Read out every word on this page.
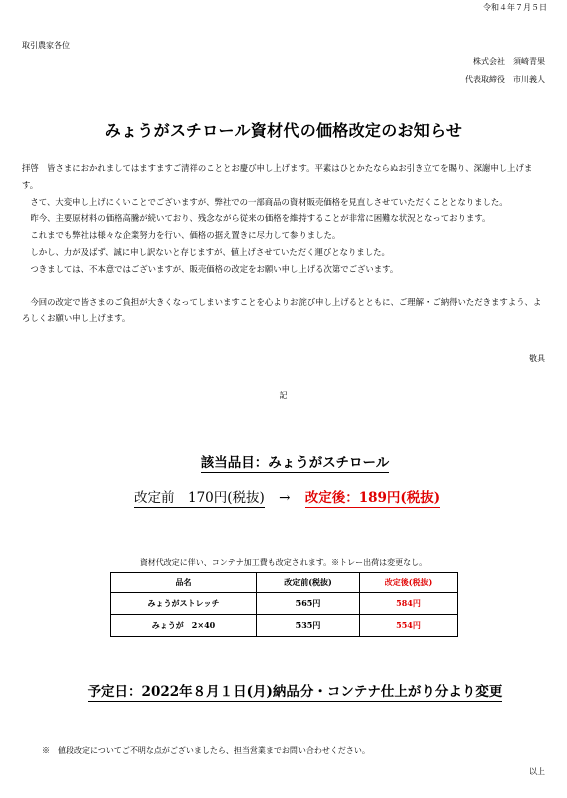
令和４年７月５日
取引農家各位
株式会社　須崎青果
代表取締役　市川義人
みょうがスチロール資材代の価格改定のお知らせ

拝啓　皆さまにおかれましてはますますご清祥のこととお慶び申し上げます。平素はひとかたならぬお引き立てを賜り、深謝申し上げます。

さて、大変申し上げにくいことでございますが、弊社での一部商品の資材販売価格を見直しさせていただくこととなりました。

昨今、主要原材料の価格高騰が続いており、残念ながら従来の価格を維持することが非常に困難な状況となっております。

これまでも弊社は様々な企業努力を行い、価格の据え置きに尽力して参りました。

しかし、力が及ばず、誠に申し訳ないと存じますが、値上げさせていただく運びとなりました。

つきましては、不本意ではございますが、販売価格の改定をお願い申し上げる次第でございます。

今回の改定で皆さまのご負担が大きくなってしまいますことを心よりお詫び申し上げるとともに、ご理解・ご納得いただきますよう、よろしくお願い申し上げます。

敬具
記
該当品目：みょうがスチロール
改定前　170円(税抜) → 改定後：189円(税抜)
資材代改定に伴い、コンテナ加工費も改定されます。※トレー出荷は変更なし。
品名	改定前(税抜)	改定後(税抜)
みょうがストレッチ	565円	584円
みょうが　2×40	535円	554円
予定日：2022年８月１日(月)納品分・コンテナ仕上がり分より変更
※　値段改定についてご不明な点がございましたら、担当営業までお問い合わせください。
以上
